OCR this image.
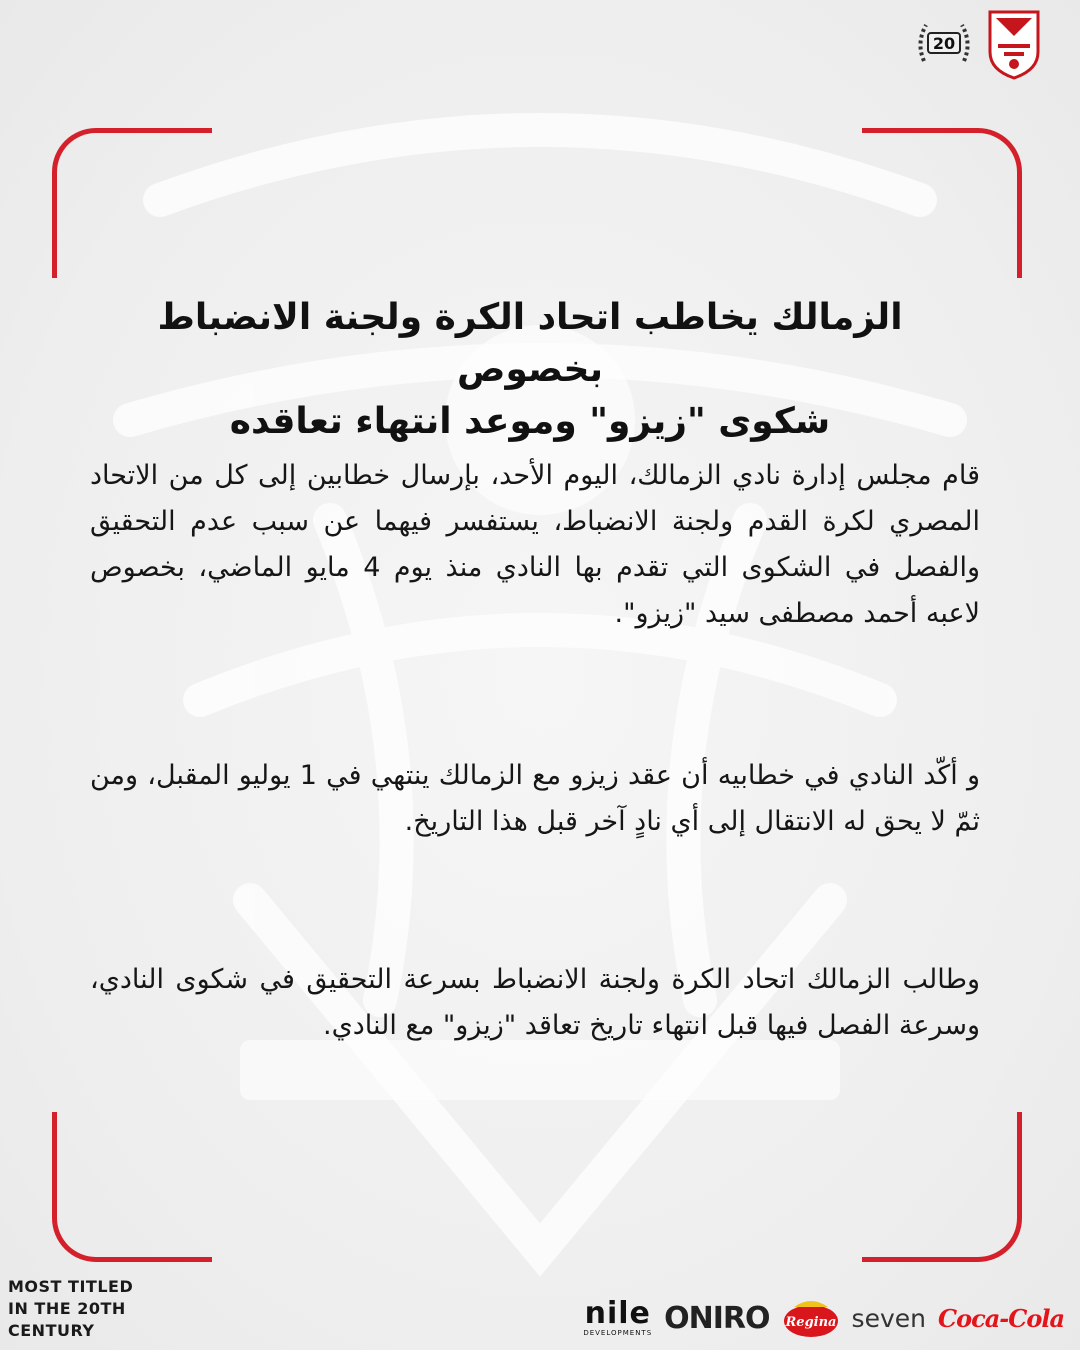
20
الزمالك يخاطب اتحاد الكرة ولجنة الانضباط بخصوص
شكوى "زيزو" وموعد انتهاء تعاقده

قام مجلس إدارة نادي الزمالك، اليوم الأحد، بإرسال خطابين إلى كل من الاتحاد المصري لكرة القدم ولجنة الانضباط، يستفسر فيهما عن سبب عدم التحقيق والفصل في الشكوى التي تقدم بها النادي منذ يوم 4 مايو الماضي، بخصوص لاعبه أحمد مصطفى سيد "زيزو".

و أكّد النادي في خطابيه أن عقد زيزو مع الزمالك ينتهي في 1 يوليو المقبل، ومن ثمّ لا يحق له الانتقال إلى أي نادٍ آخر قبل هذا التاريخ.

وطالب الزمالك اتحاد الكرة ولجنة الانضباط بسرعة التحقيق في شكوى النادي، وسرعة الفصل فيها قبل انتهاء تاريخ تعاقد "زيزو" مع النادي.

MOST TITLED
IN THE 20TH
CENTURY	nile
DEVELOPMENTS ONIRO Regina seven Coca-Cola
